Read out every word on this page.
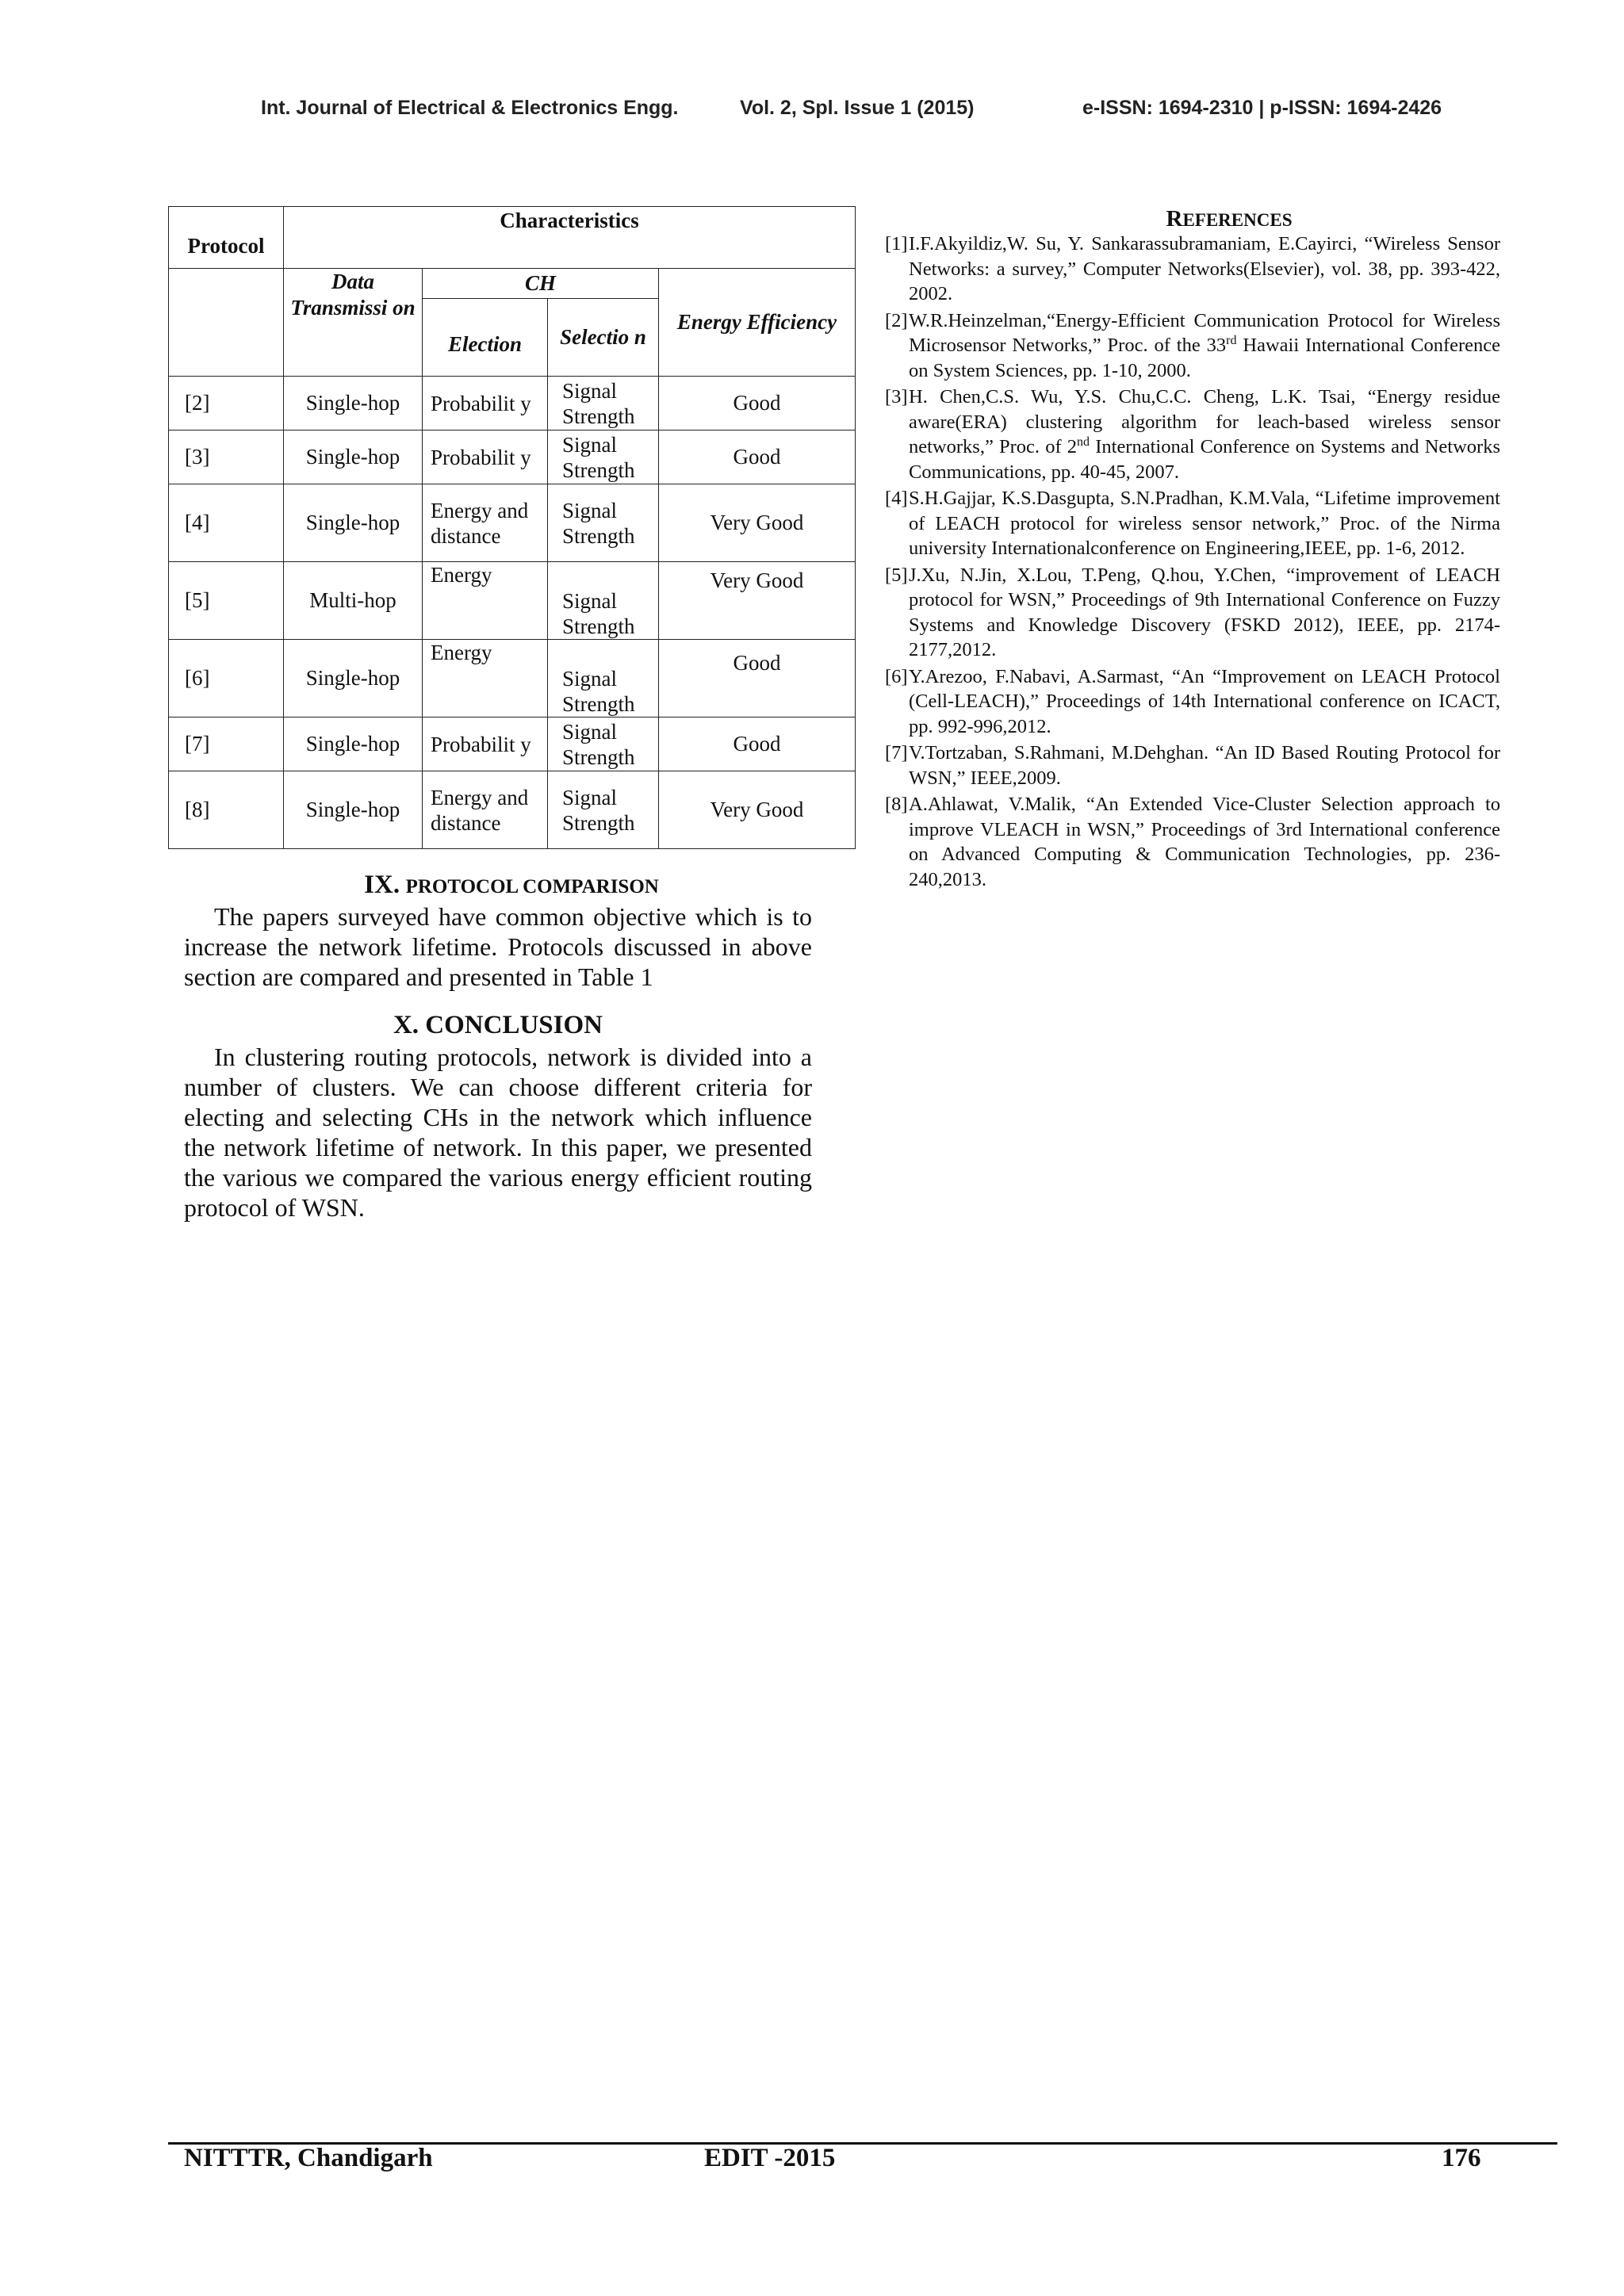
Int. Journal of Electrical & Electronics Engg.	Vol. 2, Spl. Issue 1 (2015)	e-ISSN: 1694-2310 | p-ISSN: 1694-2426
Protocol	Characteristics			
	Data Transmissi on	CH		Energy Efficiency
		Election	Selectio n	
[2]	Single-hop	Probabilit y	Signal Strength	Good
[3]	Single-hop	Probabilit y	Signal Strength	Good
[4]	Single-hop	Energy and distance	Signal Strength	Very Good
[5]	Multi-hop	Energy	Signal Strength	Very Good
[6]	Single-hop	Energy	Signal Strength	Good
[7]	Single-hop	Probabilit y	Signal Strength	Good
[8]	Single-hop	Energy and distance	Signal Strength	Very Good
IX. PROTOCOL COMPARISON

The papers surveyed have common objective which is to increase the network lifetime. Protocols discussed in above section are compared and presented in Table 1

X. CONCLUSION

In clustering routing protocols, network is divided into a number of clusters. We can choose different criteria for electing and selecting CHs in the network which influence the network lifetime of network. In this paper, we presented the various we compared the various energy efficient routing protocol of WSN.

REFERENCES
[1]I.F.Akyildiz,W. Su, Y. Sankarassubramaniam, E.Cayirci, “Wireless Sensor Networks: a survey,” Computer Networks(Elsevier), vol. 38, pp. 393-422, 2002.
[2]W.R.Heinzelman,“Energy-Efficient Communication Protocol for Wireless Microsensor Networks,” Proc. of the 33rd Hawaii International Conference on System Sciences, pp. 1-10, 2000.
[3]H. Chen,C.S. Wu, Y.S. Chu,C.C. Cheng, L.K. Tsai, “Energy residue aware(ERA) clustering algorithm for leach-based wireless sensor networks,” Proc. of 2nd International Conference on Systems and Networks Communications, pp. 40-45, 2007.
[4]S.H.Gajjar, K.S.Dasgupta, S.N.Pradhan, K.M.Vala, “Lifetime improvement of LEACH protocol for wireless sensor network,” Proc. of the Nirma university Internationalconference on Engineering,IEEE, pp. 1-6, 2012.
[5]J.Xu, N.Jin, X.Lou, T.Peng, Q.hou, Y.Chen, “improvement of LEACH protocol for WSN,” Proceedings of 9th International Conference on Fuzzy Systems and Knowledge Discovery (FSKD 2012), IEEE, pp. 2174-2177,2012.
[6]Y.Arezoo, F.Nabavi, A.Sarmast, “An “Improvement on LEACH Protocol (Cell-LEACH),” Proceedings of 14th International conference on ICACT, pp. 992-996,2012.
[7]V.Tortzaban, S.Rahmani, M.Dehghan. “An ID Based Routing Protocol for WSN,” IEEE,2009.
[8]A.Ahlawat, V.Malik, “An Extended Vice-Cluster Selection approach to improve VLEACH in WSN,” Proceedings of 3rd International conference on Advanced Computing & Communication Technologies, pp. 236-240,2013.
NITTTR, Chandigarh	EDIT -2015	176
